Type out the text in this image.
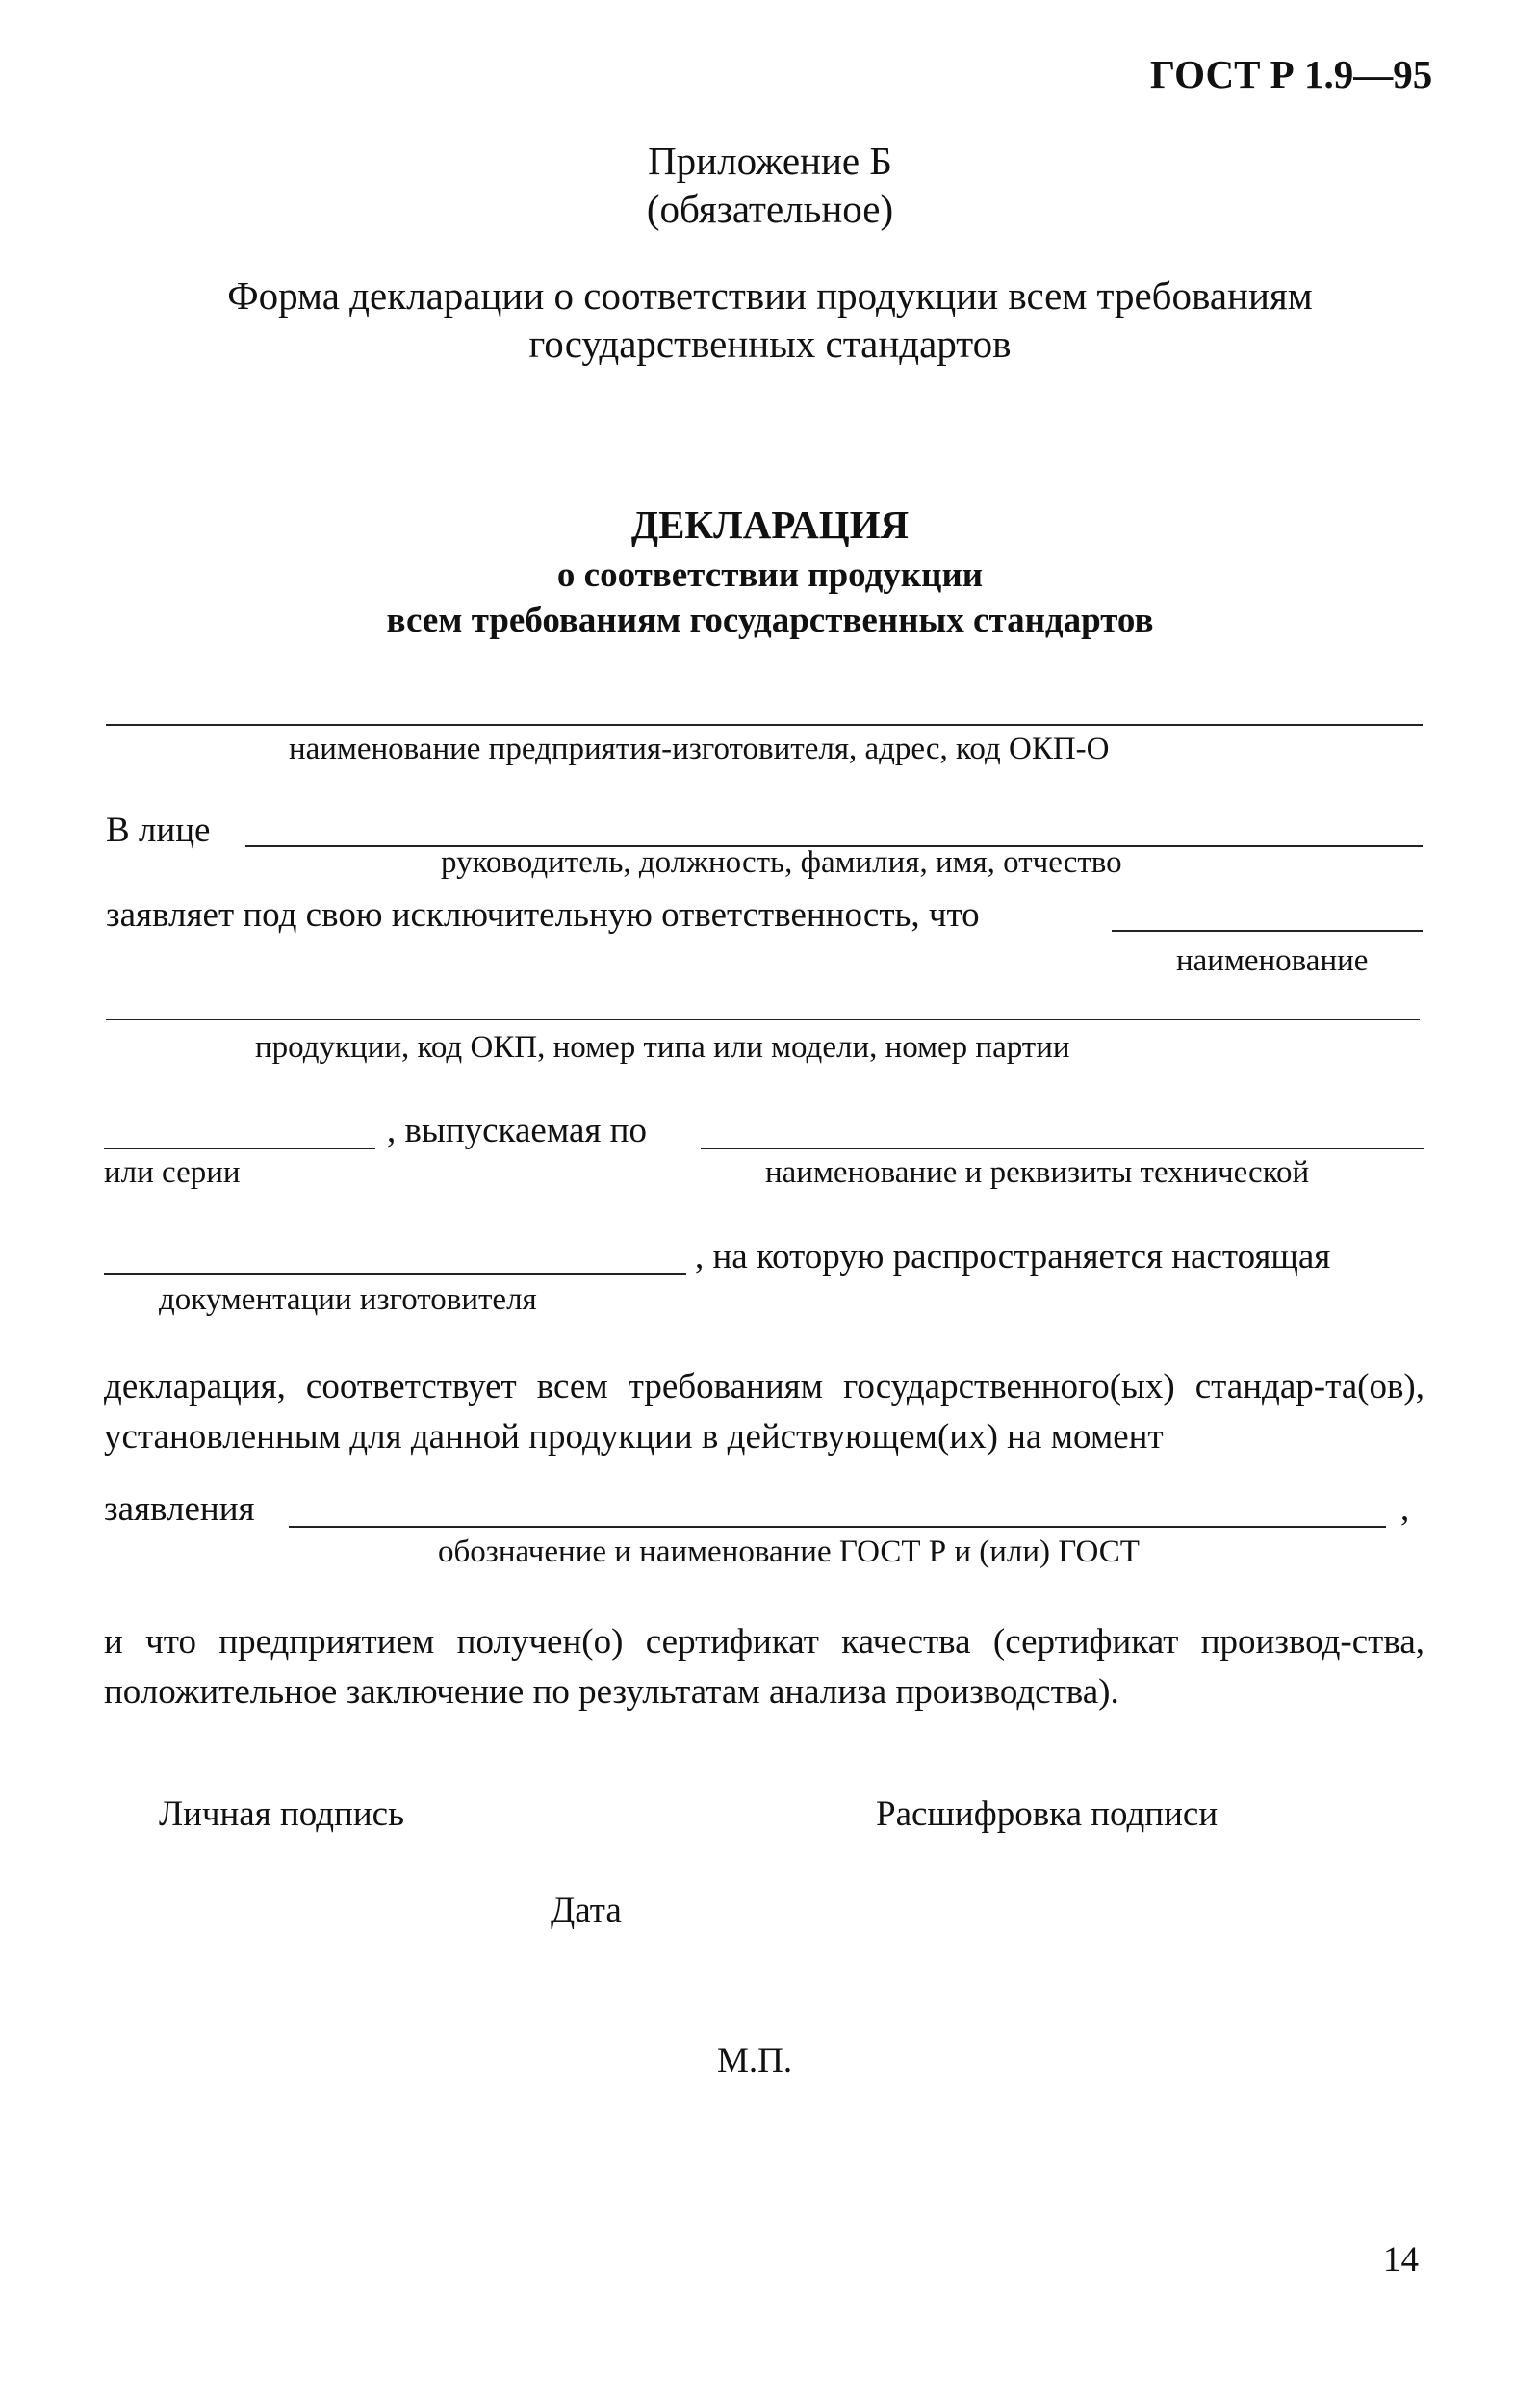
ГОСТ Р 1.9—95
Приложение Б
(обязательное)
Форма декларации о соответствии продукции всем требованиям
государственных стандартов
ДЕКЛАРАЦИЯ
о соответствии продукции
всем требованиям государственных стандартов
наименование предприятия-изготовителя, адрес, код ОКП-О
В лице
руководитель, должность, фамилия, имя, отчество
заявляет под свою исключительную ответственность, что
наименование
продукции, код ОКП, номер типа или модели, номер партии
, выпускаемая по
или серии	наименование и реквизиты технической
, на которую распространяется настоящая
документации изготовителя
декларация, соответствует всем требованиям государственного(ых) стандар-та(ов), установленным для данной продукции в действующем(их) на момент
заявления	,
обозначение и наименование ГОСТ Р и (или) ГОСТ
и что предприятием получен(о) сертификат качества (сертификат производ-ства, положительное заключение по результатам анализа производства).
Личная подпись	Расшифровка подписи
Дата
М.П.
14
